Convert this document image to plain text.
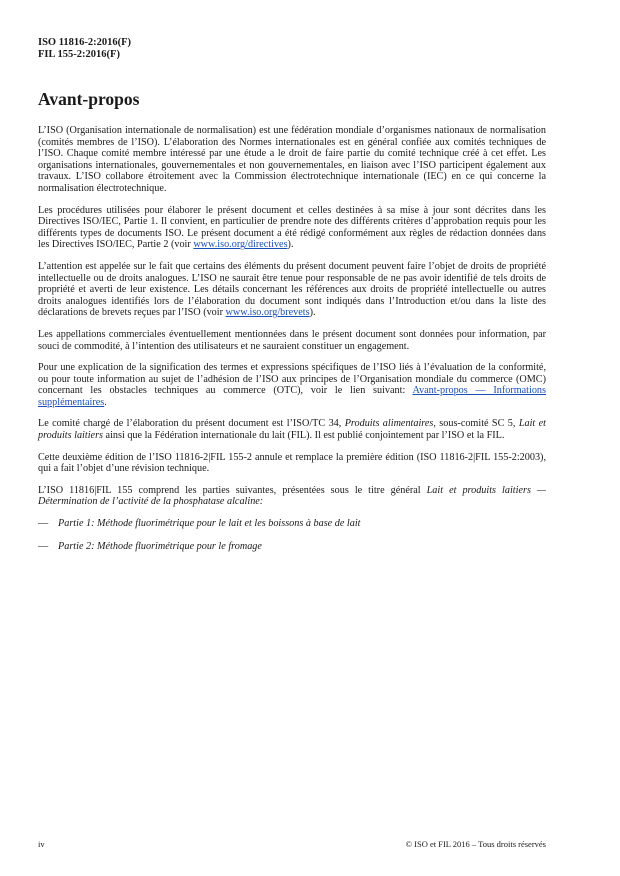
ISO 11816-2:2016(F)
FIL 155-2:2016(F)
Avant-propos

L’ISO (Organisation internationale de normalisation) est une fédération mondiale d’organismes nationaux de normalisation (comités membres de l’ISO). L’élaboration des Normes internationales est en général confiée aux comités techniques de l’ISO. Chaque comité membre intéressé par une étude a le droit de faire partie du comité technique créé à cet effet. Les organisations internationales, gouvernementales et non gouvernementales, en liaison avec l’ISO participent également aux travaux. L’ISO collabore étroitement avec la Commission électrotechnique internationale (IEC) en ce qui concerne la normalisation électrotechnique.

Les procédures utilisées pour élaborer le présent document et celles destinées à sa mise à jour sont décrites dans les Directives ISO/IEC, Partie 1. Il convient, en particulier de prendre note des différents critères d’approbation requis pour les différents types de documents ISO. Le présent document a été rédigé conformément aux règles de rédaction données dans les Directives ISO/IEC, Partie 2 (voir www.iso.org/directives).

L’attention est appelée sur le fait que certains des éléments du présent document peuvent faire l’objet de droits de propriété intellectuelle ou de droits analogues. L’ISO ne saurait être tenue pour responsable de ne pas avoir identifié de tels droits de propriété et averti de leur existence. Les détails concernant les références aux droits de propriété intellectuelle ou autres droits analogues identifiés lors de l’élaboration du document sont indiqués dans l’Introduction et/ou dans la liste des déclarations de brevets reçues par l’ISO (voir www.iso.org/brevets).

Les appellations commerciales éventuellement mentionnées dans le présent document sont données pour information, par souci de commodité, à l’intention des utilisateurs et ne sauraient constituer un engagement.

Pour une explication de la signification des termes et expressions spécifiques de l’ISO liés à l’évaluation de la conformité, ou pour toute information au sujet de l’adhésion de l’ISO aux principes de l’Organisation mondiale du commerce (OMC) concernant les obstacles techniques au commerce (OTC), voir le lien suivant: Avant-propos — Informations supplémentaires.

Le comité chargé de l’élaboration du présent document est l’ISO/TC 34, Produits alimentaires, sous-comité SC 5, Lait et produits laitiers ainsi que la Fédération internationale du lait (FIL). Il est publié conjointement par l’ISO et la FIL.

Cette deuxième édition de l’ISO 11816-2|FIL 155-2 annule et remplace la première édition (ISO 11816-2|FIL 155-2:2003), qui a fait l’objet d’une révision technique.

L’ISO 11816|FIL 155 comprend les parties suivantes, présentées sous le titre général Lait et produits laitiers — Détermination de l’activité de la phosphatase alcaline:

— Partie 1: Méthode fluorimétrique pour le lait et les boissons à base de lait
— Partie 2: Méthode fluorimétrique pour le fromage
iv	© ISO et FIL 2016 – Tous droits réservés
